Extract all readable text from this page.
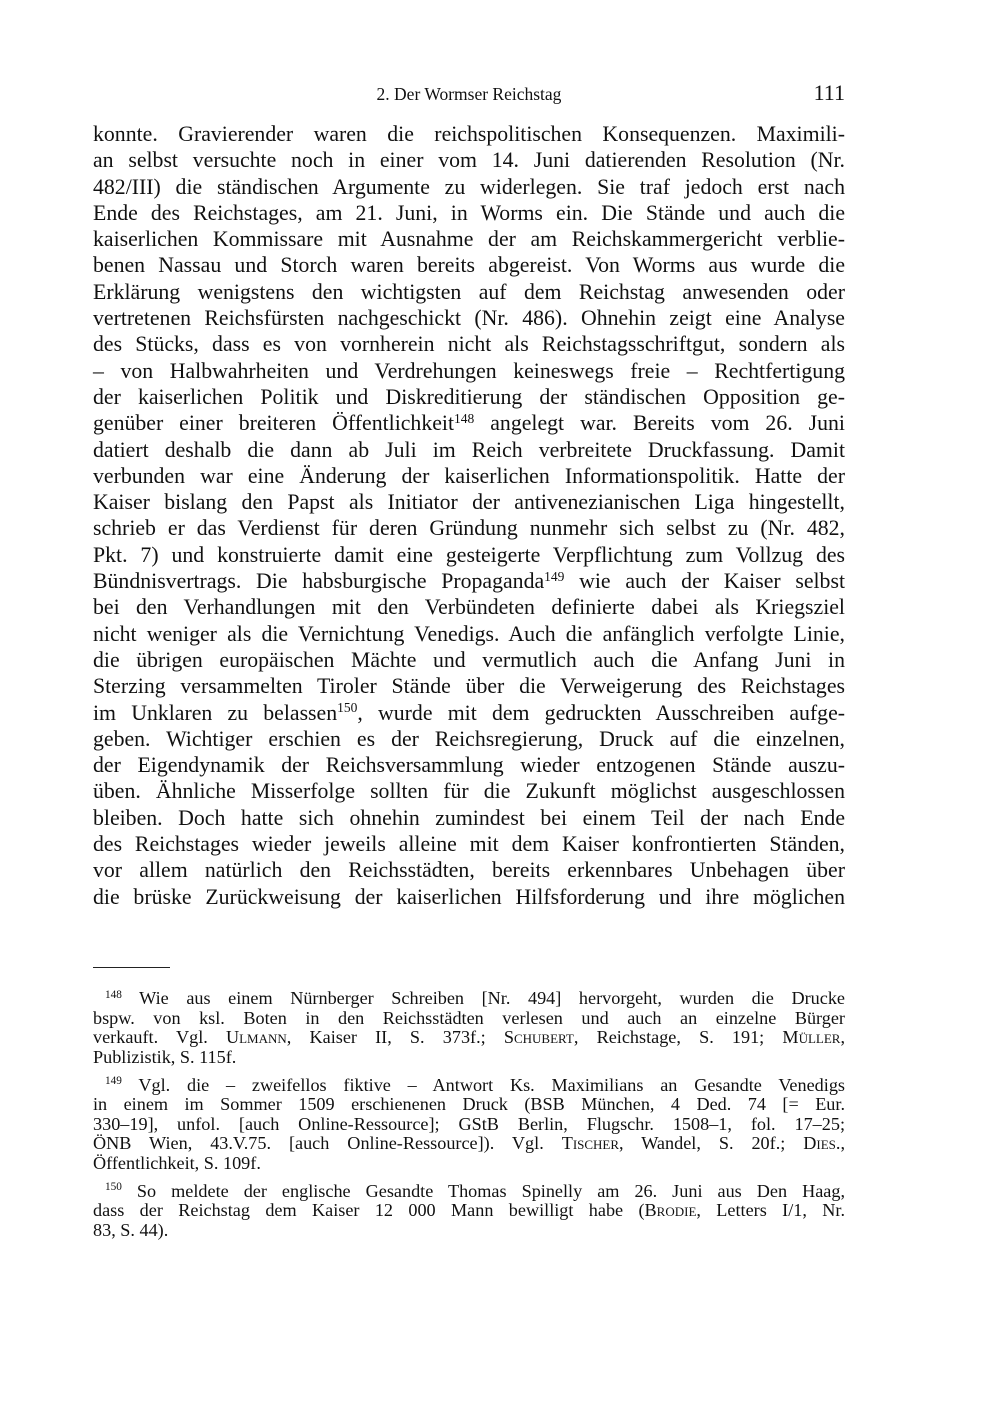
2. Der Wormser Reichstag	111
konnte. Gravierender waren die reichspolitischen Konsequenzen. Maximili-
an selbst versuchte noch in einer vom 14. Juni datierenden Resolution (Nr.
482/III) die ständischen Argumente zu widerlegen. Sie traf jedoch erst nach
Ende des Reichstages, am 21. Juni, in Worms ein. Die Stände und auch die
kaiserlichen Kommissare mit Ausnahme der am Reichskammergericht verblie-
benen Nassau und Storch waren bereits abgereist. Von Worms aus wurde die
Erklärung wenigstens den wichtigsten auf dem Reichstag anwesenden oder
vertretenen Reichsfürsten nachgeschickt (Nr. 486). Ohnehin zeigt eine Analyse
des Stücks, dass es von vornherein nicht als Reichstagsschriftgut, sondern als
– von Halbwahrheiten und Verdrehungen keineswegs freie – Rechtfertigung
der kaiserlichen Politik und Diskreditierung der ständischen Opposition ge-
genüber einer breiteren Öffentlichkeit$^{148}$ angelegt war. Bereits vom 26. Juni
datiert deshalb die dann ab Juli im Reich verbreitete Druckfassung. Damit
verbunden war eine Änderung der kaiserlichen Informationspolitik. Hatte der
Kaiser bislang den Papst als Initiator der antivenezianischen Liga hingestellt,
schrieb er das Verdienst für deren Gründung nunmehr sich selbst zu (Nr. 482,
Pkt. 7) und konstruierte damit eine gesteigerte Verpflichtung zum Vollzug des
Bündnisvertrags. Die habsburgische Propaganda$^{149}$ wie auch der Kaiser selbst
bei den Verhandlungen mit den Verbündeten definierte dabei als Kriegsziel
nicht weniger als die Vernichtung Venedigs. Auch die anfänglich verfolgte Linie,
die übrigen europäischen Mächte und vermutlich auch die Anfang Juni in
Sterzing versammelten Tiroler Stände über die Verweigerung des Reichstages
im Unklaren zu belassen$^{150}$, wurde mit dem gedruckten Ausschreiben aufge-
geben. Wichtiger erschien es der Reichsregierung, Druck auf die einzelnen,
der Eigendynamik der Reichsversammlung wieder entzogenen Stände auszu-
üben. Ähnliche Misserfolge sollten für die Zukunft möglichst ausgeschlossen
bleiben. Doch hatte sich ohnehin zumindest bei einem Teil der nach Ende
des Reichstages wieder jeweils alleine mit dem Kaiser konfrontierten Ständen,
vor allem natürlich den Reichsstädten, bereits erkennbares Unbehagen über
die brüske Zurückweisung der kaiserlichen Hilfsforderung und ihre möglichen
$^{148}$ Wie aus einem Nürnberger Schreiben [Nr. 494] hervorgeht, wurden die Drucke
bspw. von ksl. Boten in den Reichsstädten verlesen und auch an einzelne Bürger
verkauft. Vgl. Ulmann, Kaiser II, S. 373f.; Schubert, Reichstage, S. 191; Müller,
Publizistik, S. 115f.
$^{149}$ Vgl. die – zweifellos fiktive – Antwort Ks. Maximilians an Gesandte Venedigs
in einem im Sommer 1509 erschienenen Druck (BSB München, 4 Ded. 74 [= Eur.
330–19], unfol. [auch Online-Ressource]; GStB Berlin, Flugschr. 1508–1, fol. 17–25;
ÖNB Wien, 43.V.75. [auch Online-Ressource]). Vgl. Tischer, Wandel, S. 20f.; Dies.,
Öffentlichkeit, S. 109f.
$^{150}$ So meldete der englische Gesandte Thomas Spinelly am 26. Juni aus Den Haag,
dass der Reichstag dem Kaiser 12 000 Mann bewilligt habe (Brodie, Letters I/1, Nr.
83, S. 44).
